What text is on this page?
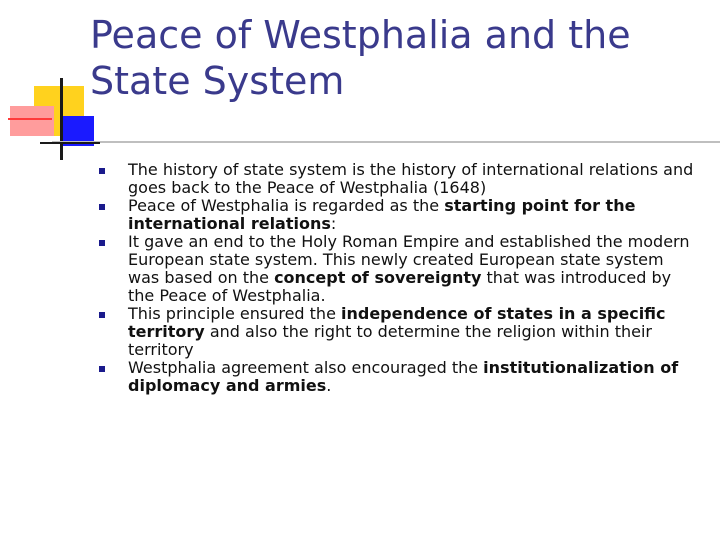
Peace of Westphalia and the State System
The history of state system is the history of international relations and goes back to the Peace of Westphalia (1648)
Peace of Westphalia is regarded as the starting point for the international relations:
It gave an end to the Holy Roman Empire and established the modern European state system. This newly created European state system was based on the concept of sovereignty that was introduced by the Peace of Westphalia.
This principle ensured the independence of states in a specific territory and also the right to determine the religion within their territory
Westphalia agreement also encouraged the institutionalization of diplomacy and armies.
